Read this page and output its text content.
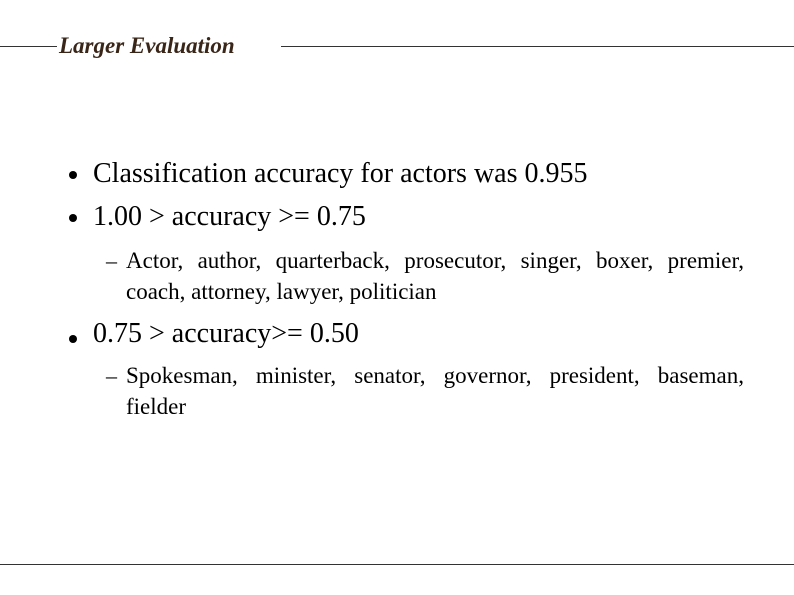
Larger Evaluation
Classification accuracy for actors was 0.955
1.00 > accuracy >= 0.75
– Actor, author, quarterback, prosecutor, singer, boxer, premier, coach, attorney, lawyer, politician
0.75 > accuracy>= 0.50
– Spokesman, minister, senator, governor, president, baseman, fielder
